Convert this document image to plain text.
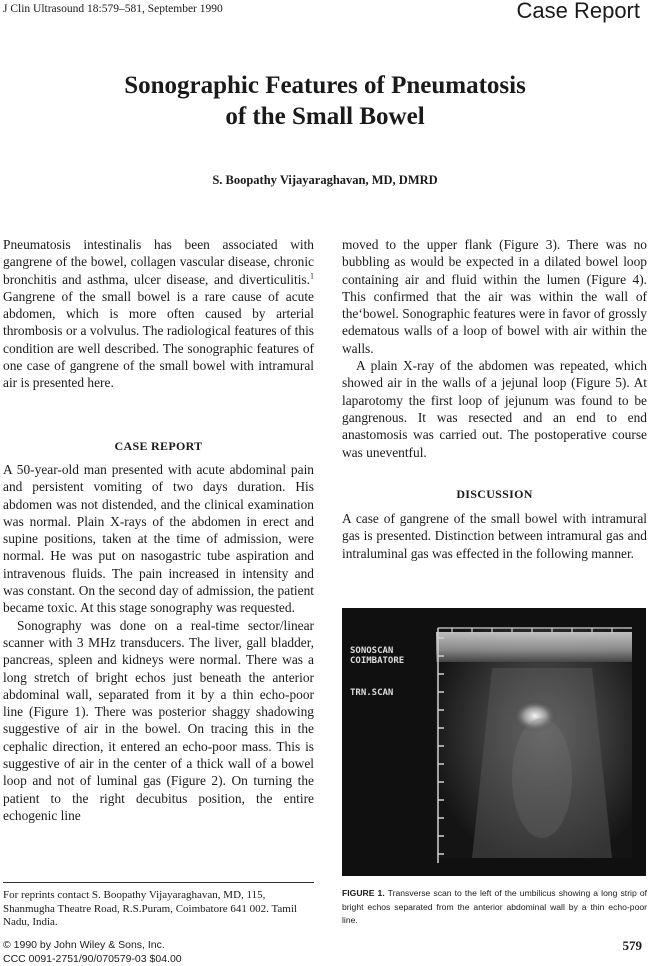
J Clin Ultrasound 18:579–581, September 1990	Case Report
Sonographic Features of Pneumatosis
of the Small Bowel
S. Boopathy Vijayaraghavan, MD, DMRD

Pneumatosis intestinalis has been associated with gangrene of the bowel, collagen vascular disease, chronic bronchitis and asthma, ulcer disease, and diverticulitis.$^1$ Gangrene of the small bowel is a rare cause of acute abdomen, which is more often caused by arterial thrombosis or a volvulus. The radiological features of this condition are well described. The sonographic features of one case of gangrene of the small bowel with intramural air is presented here.

CASE REPORT

A 50-year-old man presented with acute abdominal pain and persistent vomiting of two days duration. His abdomen was not distended, and the clinical examination was normal. Plain X-rays of the abdomen in erect and supine positions, taken at the time of admission, were normal. He was put on nasogastric tube aspiration and intravenous fluids. The pain increased in intensity and was constant. On the second day of admission, the patient became toxic. At this stage sonography was requested.

Sonography was done on a real-time sector/linear scanner with 3 MHz transducers. The liver, gall bladder, pancreas, spleen and kidneys were normal. There was a long stretch of bright echos just beneath the anterior abdominal wall, separated from it by a thin echo-poor line (Figure 1). There was posterior shaggy shadowing suggestive of air in the bowel. On tracing this in the cephalic direction, it entered an echo-poor mass. This is suggestive of air in the center of a thick wall of a bowel loop and not of luminal gas (Figure 2). On turning the patient to the right decubitus position, the entire echogenic line

moved to the upper flank (Figure 3). There was no bubbling as would be expected in a dilated bowel loop containing air and fluid within the lumen (Figure 4). This confirmed that the air was within the wall of the‘bowel. Sonographic features were in favor of grossly edematous walls of a loop of bowel with air within the walls.

A plain X-ray of the abdomen was repeated, which showed air in the walls of a jejunal loop (Figure 5). At laparotomy the first loop of jejunum was found to be gangrenous. It was resected and an end to end anastomosis was carried out. The postoperative course was uneventful.

DISCUSSION

A case of gangrene of the small bowel with intramural gas is presented. Distinction between intramural gas and intraluminal gas was effected in the following manner.

SONOSCAN
COIMBATORE
TRN.SCAN
FIGURE 1. Transverse scan to the left of the umbilicus showing a long strip of bright echos separated from the anterior abdominal wall by a thin echo-poor line.
For reprints contact S. Boopathy Vijayaraghavan, MD, 115, Shanmugha Theatre Road, R.S.Puram, Coimbatore 641 002. Tamil Nadu, India.
© 1990 by John Wiley & Sons, Inc.
CCC 0091-2751/90/070579-03 $04.00
579
